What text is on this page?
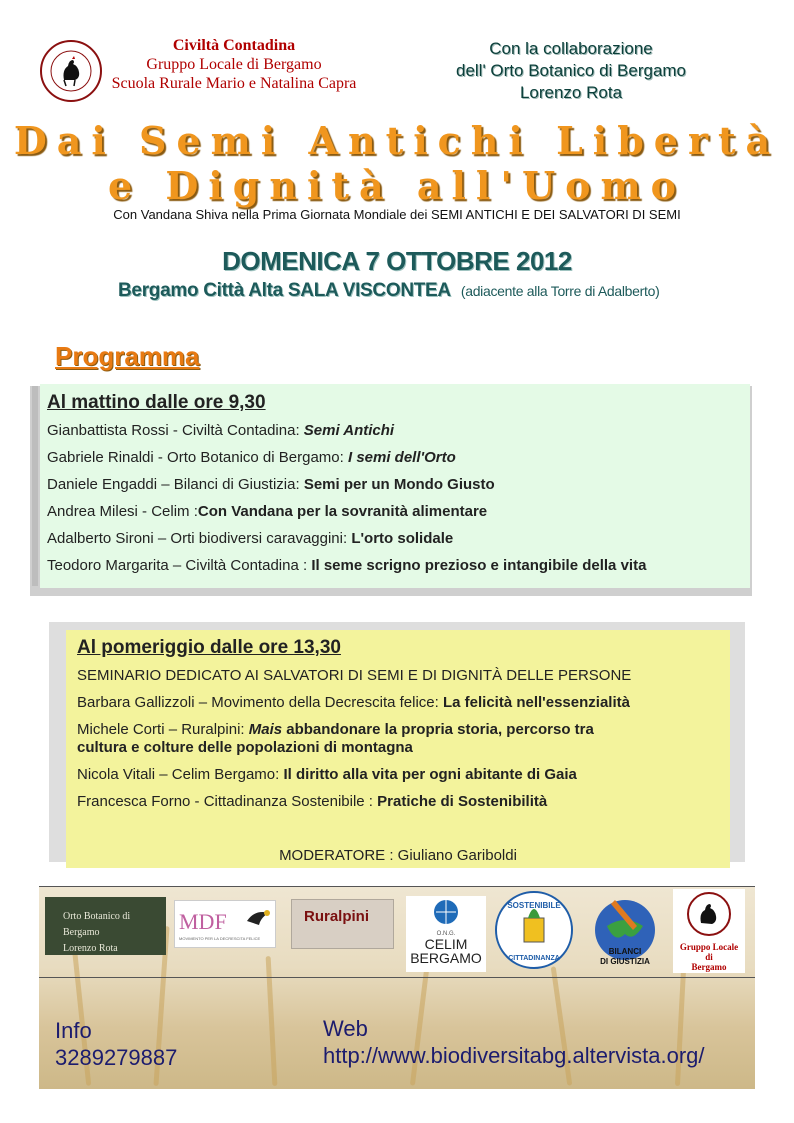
Civiltà Contadina
Gruppo Locale di Bergamo
Scuola Rurale Mario e Natalina Capra
Con la collaborazione
dell' Orto Botanico di Bergamo
Lorenzo Rota
Dai Semi Antichi Libertà
e Dignità all'Uomo
Con Vandana Shiva nella Prima Giornata Mondiale dei SEMI ANTICHI E DEI SALVATORI DI SEMI
DOMENICA 7 OTTOBRE 2012
Bergamo Città Alta SALA VISCONTEA (adiacente alla Torre di Adalberto)
Programma
Al mattino dalle ore 9,30
Gianbattista Rossi - Civiltà Contadina: Semi Antichi
Gabriele Rinaldi - Orto Botanico di Bergamo: I semi dell'Orto
Daniele Engaddi – Bilanci di Giustizia: Semi per un Mondo Giusto
Andrea Milesi - Celim :Con Vandana per la sovranità alimentare
Adalberto Sironi – Orti biodiversi caravaggini: L'orto solidale
Teodoro Margarita – Civiltà Contadina : Il seme scrigno prezioso e intangibile della vita
Al pomeriggio dalle ore 13,30
SEMINARIO DEDICATO AI SALVATORI DI SEMI E DI DIGNITÀ DELLE PERSONE
Barbara Gallizzoli – Movimento della Decrescita felice: La felicità nell'essenzialità
Michele Corti – Ruralpini: Mais abbandonare la propria storia, percorso tra
cultura e colture delle popolazioni di montagna
Nicola Vitali – Celim Bergamo: Il diritto alla vita per ogni abitante di Gaia
Francesca Forno - Cittadinanza Sostenibile : Pratiche di Sostenibilità
MODERATORE : Giuliano Gariboldi
Orto Botanico di Bergamo
Lorenzo Rota
MDF
MOVIMENTO PER LA DECRESCITA FELICE
Ruralpini
O.N.G.
CELIM
BERGAMO
SOSTENIBILE
CITTADINANZA
BILANCI
DI GIUSTIZIA
Gruppo Locale
di
Bergamo
Info
3289279887
Web
http://www.biodiversitabg.altervista.org/
